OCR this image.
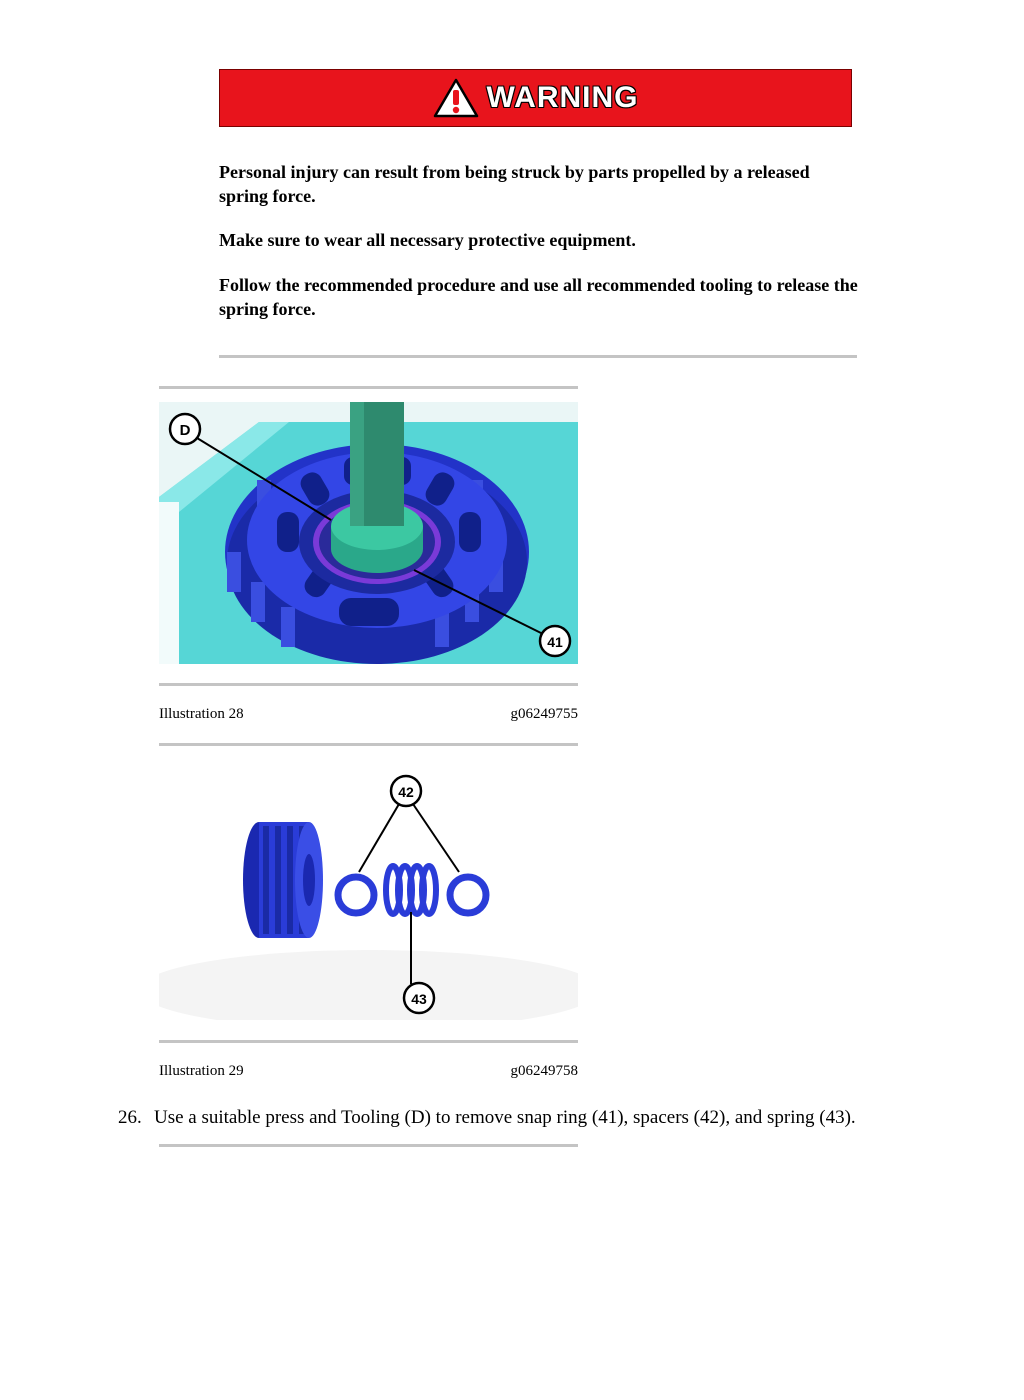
WARNING

Personal injury can result from being struck by parts propelled by a released spring force.

Make sure to wear all necessary protective equipment.

Follow the recommended procedure and use all recommended tooling to release the spring force.

D
41
Illustration 28	g06249755
42
43
Illustration 29	g06249758
26. Use a suitable press and Tooling (D) to remove snap ring (41), spacers (42), and spring (43).
